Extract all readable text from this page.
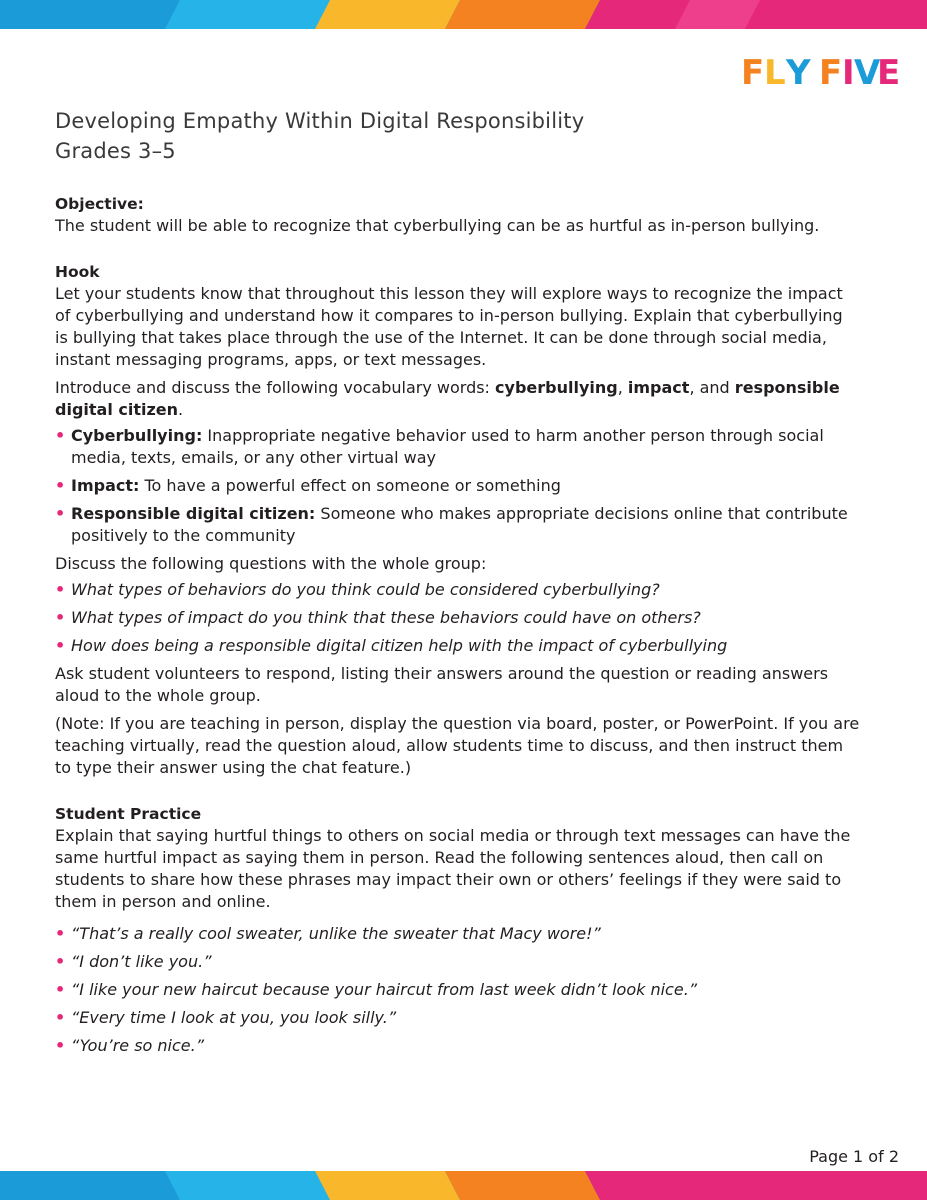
F L Y F I V
E
Developing Empathy Within Digital Responsibility
Grades 3–5

Objective:

The student will be able to recognize that cyberbullying can be as hurtful as in-person bullying.

Hook

Let your students know that throughout this lesson they will explore ways to recognize the impact of cyberbullying and understand how it compares to in-person bullying. Explain that cyberbullying is bullying that takes place through the use of the Internet. It can be done through social media, instant messaging programs, apps, or text messages.

Introduce and discuss the following vocabulary words: cyberbullying, impact, and responsible digital citizen.

• Cyberbullying: Inappropriate negative behavior used to harm another person through social media, texts, emails, or any other virtual way
• Impact: To have a powerful effect on someone or something
• Responsible digital citizen: Someone who makes appropriate decisions online that contribute positively to the community

Discuss the following questions with the whole group:

• What types of behaviors do you think could be considered cyberbullying?
• What types of impact do you think that these behaviors could have on others?
• How does being a responsible digital citizen help with the impact of cyberbullying

Ask student volunteers to respond, listing their answers around the question or reading answers aloud to the whole group.

(Note: If you are teaching in person, display the question via board, poster, or PowerPoint. If you are teaching virtually, read the question aloud, allow students time to discuss, and then instruct them to type their answer using the chat feature.)

Student Practice

Explain that saying hurtful things to others on social media or through text messages can have the same hurtful impact as saying them in person. Read the following sentences aloud, then call on students to share how these phrases may impact their own or others’ feelings if they were said to them in person and online.

• “That’s a really cool sweater, unlike the sweater that Macy wore!”
• “I don’t like you.”
• “I like your new haircut because your haircut from last week didn’t look nice.”
• “Every time I look at you, you look silly.”
• “You’re so nice.”
Page 1 of 2
